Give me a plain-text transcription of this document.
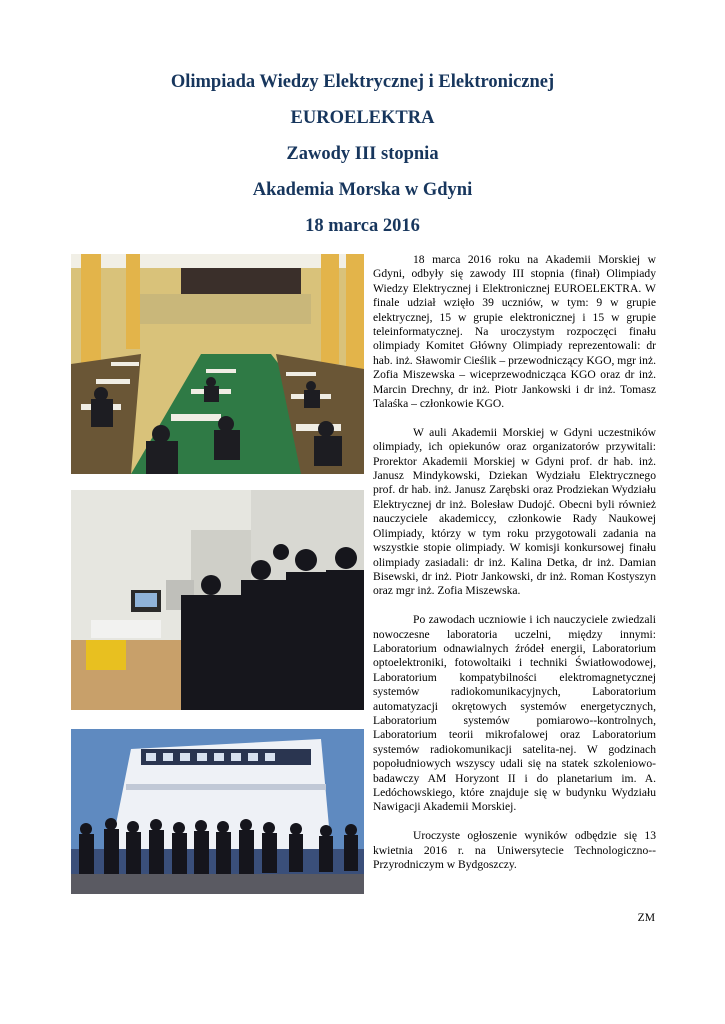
Olimpiada Wiedzy Elektrycznej i Elektronicznej

EUROELEKTRA

Zawody III stopnia

Akademia Morska w Gdyni

18 marca 2016

18 marca 2016 roku na Akademii Morskiej w Gdyni, odbyły się zawody III stopnia (finał) Olimpiady Wiedzy Elektrycznej i Elektronicznej EUROELEKTRA. W finale udział wzięło 39 uczniów, w tym: 9 w grupie elektrycznej, 15 w grupie elektronicznej i 15 w grupie teleinformatycznej. Na uroczystym rozpoczęci finału olimpiady Komitet Główny Olimpiady reprezentowali: dr hab. inż. Sławomir Cieślik – przewodniczący KGO, mgr inż. Zofia Miszewska – wiceprzewodnicząca KGO oraz dr inż. Marcin Drechny, dr inż. Piotr Jankowski i dr inż. Tomasz Talaśka – członkowie KGO.

W auli Akademii Morskiej w Gdyni uczestników olimpiady, ich opiekunów oraz organizatorów przywitali: Prorektor Akademii Morskiej w Gdyni prof. dr hab. inż. Janusz Mindykowski, Dziekan Wydziału Elektrycznego prof. dr hab. inż. Janusz Zarębski oraz Prodziekan Wydziału Elektrycznej dr inż. Bolesław Dudojć. Obecni byli również nauczyciele akademiccy, członkowie Rady Naukowej Olimpiady, którzy w tym roku przygotowali zadania na wszystkie stopie olimpiady. W komisji konkursowej finału olimpiady zasiadali: dr inż. Kalina Detka, dr inż. Damian Bisewski, dr inż. Piotr Jankowski, dr inż. Roman Kostyszyn oraz mgr inż. Zofia Miszewska.

Po zawodach uczniowie i ich nauczyciele zwiedzali nowoczesne laboratoria uczelni, między innymi: Laboratorium odnawialnych źródeł energii, Laboratorium optoelektroniki, fotowoltaiki i techniki Światłowodowej, Laboratorium kompatybilności elektromagnetycznej systemów radiokomunikacyjnych, Laboratorium automatyzacji okrętowych systemów energetycznych, Laboratorium systemów pomiarowo--kontrolnych, Laboratorium teorii mikrofalowej oraz Laboratorium systemów radiokomunikacji satelita-nej. W godzinach popołudniowych wszyscy udali się na statek szkoleniowo-badawczy AM Horyzont II i do planetarium im. A. Ledóchowskiego, które znajduje się w budynku Wydziału Nawigacji Akademii Morskiej.

Uroczyste ogłoszenie wyników odbędzie się 13 kwietnia 2016 r. na Uniwersytecie Technologiczno--Przyrodniczym w Bydgoszczy.

ZM
